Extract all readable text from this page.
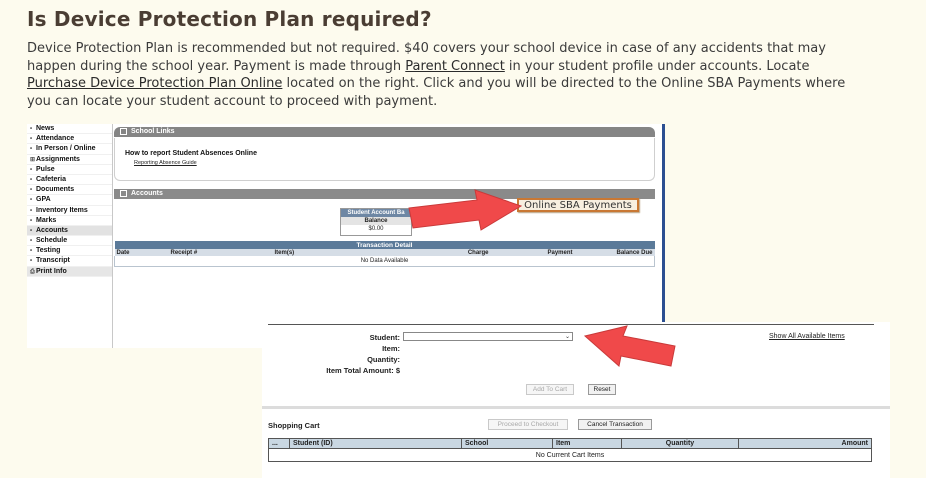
Is Device Protection Plan required?

Device Protection Plan is recommended but not required. $40 covers your school device in case of any accidents that may happen during the school year. Payment is made through Parent Connect in your student profile under accounts. Locate Purchase Device Protection Plan Online located on the right. Click and you will be directed to the Online SBA Payments where you can locate your student account to proceed with payment.

• News
• Attendance
• In Person / Online
⊞Assignments
• Pulse
• Cafeteria
• Documents
• GPA
• Inventory Items
• Marks
• Accounts
• Schedule
• Testing
• Transcript
⎙Print Info
School Links
How to report Student Absences Online
Reporting Absence Guide
Accounts
Student Account Ba
Balance
$0.00
Online SBA Payments
Transaction Detail
Date	Receipt #	Item(s)	Charge	Payment	Balance Due
No Data Available
Student:	⌄
Item:
Quantity:
Item Total Amount: $
Show All Available Items
Add To Cart	Reset
Shopping Cart	Proceed to Checkout	Cancel Transaction
...	Student (ID)	School	Item	Quantity	Amount
No Current Cart Items
